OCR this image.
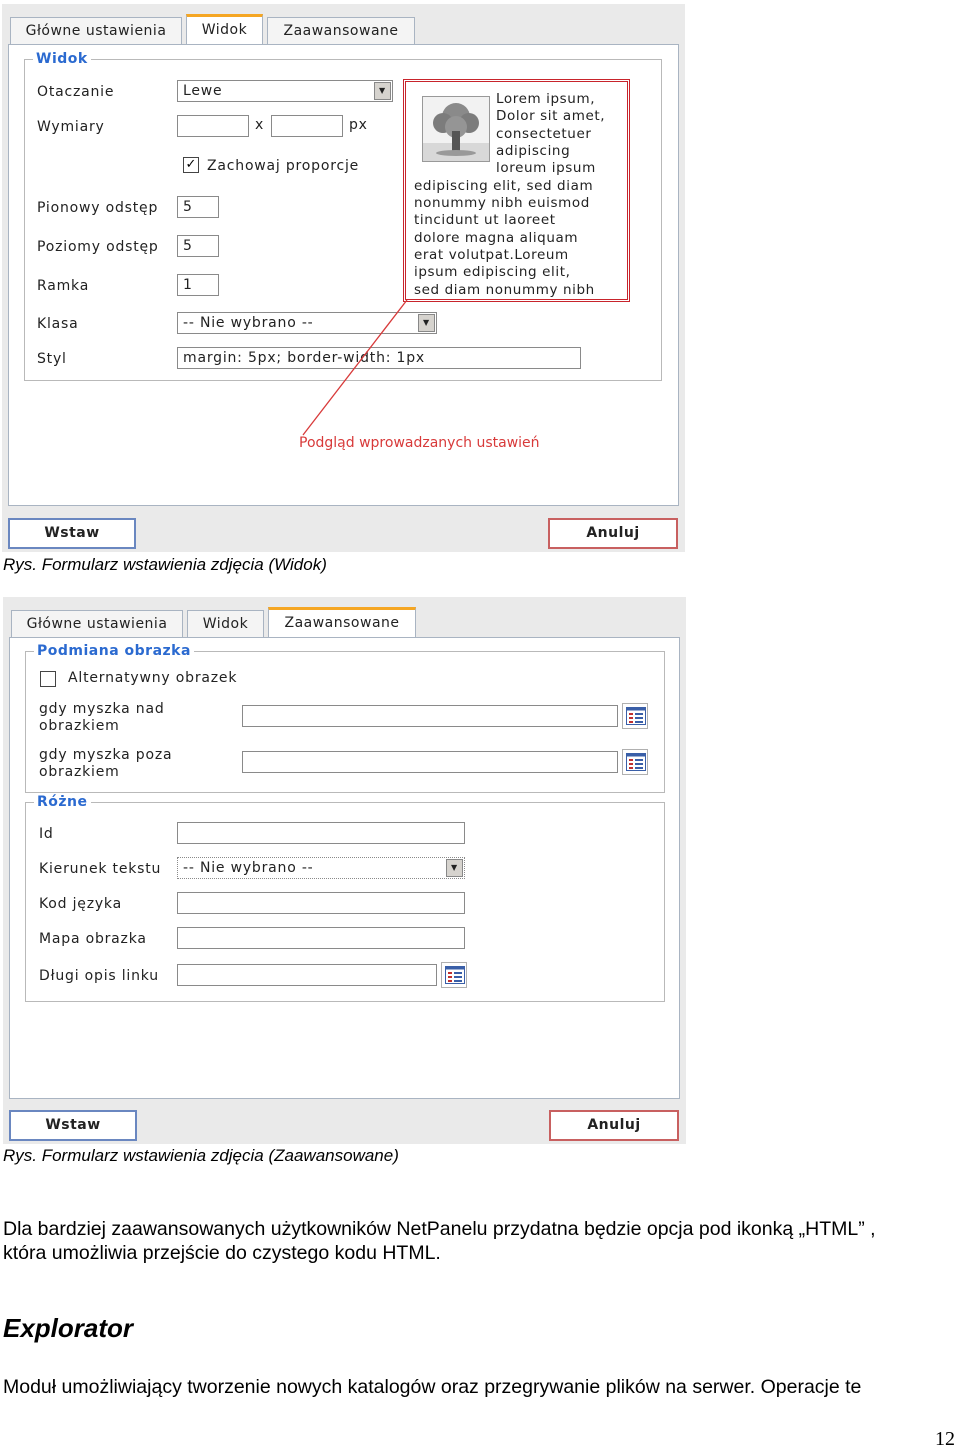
Główne ustawienia	Widok	Zaawansowane
Widok
Otaczanie	Lewe	▼
Wymiary	x	px
✓ Zachowaj proporcje
Pionowy odstęp	5
Poziomy odstęp	5
Ramka	1
Klasa	-- Nie wybrano --	▼
Styl	margin: 5px; border-width: 1px
Lorem ipsum,
Dolor sit amet,
consectetuer
adipiscing
loreum ipsum
edipiscing elit, sed diam
nonummy nibh euismod
tincidunt ut laoreet
dolore magna aliquam
erat volutpat.Loreum
ipsum edipiscing elit,
sed diam nonummy nibh
Podgląd wprowadzanych ustawień
Wstaw	Anuluj
Rys. Formularz wstawienia zdjęcia (Widok)
Główne ustawienia	Widok	Zaawansowane
Podmiana obrazka
Alternatywny obrazek
gdy myszka nad
obrazkiem
gdy myszka poza
obrazkiem
Różne
Id
Kierunek tekstu	-- Nie wybrano --	▼
Kod języka
Mapa obrazka
Długi opis linku
Wstaw	Anuluj
Rys. Formularz wstawienia zdjęcia (Zaawansowane)
Dla bardziej zaawansowanych użytkowników NetPanelu przydatna będzie opcja pod ikonką „HTML” ,
która umożliwia przejście do czystego kodu HTML.
Explorator
Moduł umożliwiający tworzenie nowych katalogów oraz przegrywanie plików na serwer. Operacje te
12
